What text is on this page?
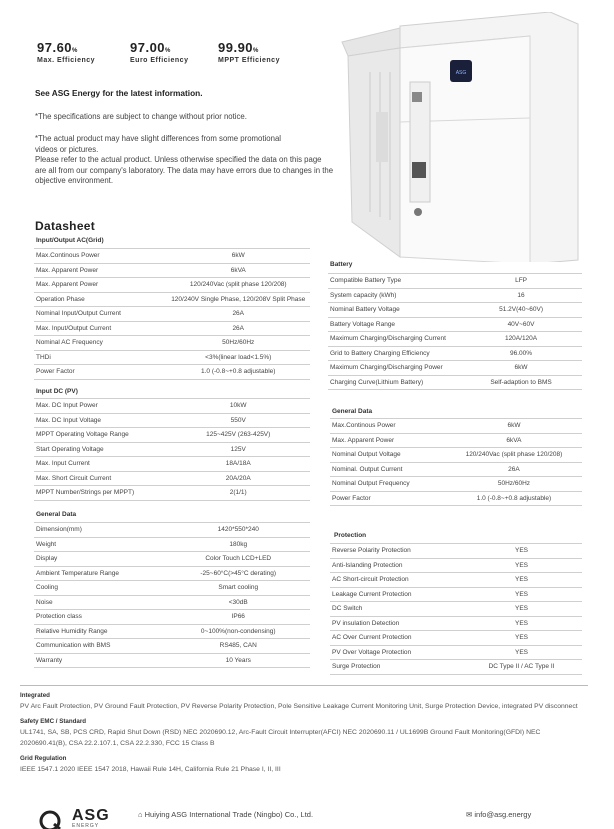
97.60%
Max. Efficiency
97.00%
Euro Efficiency
99.90%
MPPT Efficiency
See ASG Energy for the latest information.
*The specifications are subject to change without prior notice.
*The actual product may have slight differences from some promotional
videos or pictures.
Please refer to the actual product. Unless otherwise specified the data on this page
are all from our company's laboratory. The data may have errors due to changes in the
objective environment.
ASG
Datasheet
Input/Output AC(Grid)
Max.Continous Power	6kW
Max. Apparent Power	6kVA
Max. Apparent Power	120/240Vac (split phase 120/208)
Operation Phase	120/240V Single Phase, 120/208V Split Phase
Nominal Input/Output Current	26A
Max. Input/Output Current	26A
Nominal AC Frequency	50Hz/60Hz
THDi	<3%(linear load<1.5%)
Power Factor	1.0 (-0.8~+0.8 adjustable)
Input DC (PV)
Max. DC Input Power	10kW
Max. DC Input Voltage	550V
MPPT Operating Voltage Range	125~425V (263-425V)
Start Operating Voltage	125V
Max. Input Current	18A/18A
Max. Short Circuit Current	20A/20A
MPPT Number/Strings per MPPT)	2(1/1)
General Data
Dimension(mm)	1420*550*240
Weight	180kg
Display	Color Touch LCD+LED
Ambient Temperature Range	-25~60°C(>45°C derating)
Cooling	Smart cooling
Noise	<30dB
Protection class	IP66
Relative Humidity Range	0~100%(non-condensing)
Communication with BMS	RS485, CAN
Warranty	10 Years
Battery
Compatible Battery Type	LFP
System capacity (kWh)	16
Nominal Battery Voltage	51.2V(40~60V)
Battery Voltage Range	40V~60V
Maximum Charging/Discharging Current	120A/120A
Grid to Battery Charging Efficiency	96.00%
Maximum Charging/Discharging Power	6kW
Charging Curve(Lithium Battery)	Self-adaption to BMS
General Data
Max.Continous Power	6kW
Max. Apparent Power	6kVA
Nominal Output Voltage	120/240Vac (split phase 120/208)
Nominal. Output Current	26A
Nominal Output Frequency	50Hz/60Hz
Power Factor	1.0 (-0.8~+0.8 adjustable)
Protection
Reverse Polarity Protection	YES
Anti-Islanding Protection	YES
AC Short-circuit Protection	YES
Leakage Current Protection	YES
DC Switch	YES
PV insulation Detection	YES
AC Over Current Protection	YES
PV Over Voltage Protection	YES
Surge Protection	DC Type II / AC Type II
Integrated
PV Arc Fault Protection, PV Ground Fault Protection, PV Reverse Polarity Protection, Pole Sensitive Leakage Current Monitoring Unit, Surge Protection Device, integrated PV disconnect
Safety EMC / Standard
UL1741, SA, SB, PCS CRD, Rapid Shut Down (RSD) NEC 2020690.12, Arc-Fault Circuit Interrupter(AFCI) NEC 2020690.11 / UL1699B Ground Fault Monitoring(GFDI) NEC 2020690.41(B), CSA 22.2.107.1, CSA 22.2.330, FCC 15 Class B
Grid Regulation
IEEE 1547.1 2020 IEEE 1547 2018, Hawaii Rule 14H, California Rule 21 Phase I, II, III
ASG
ENERGY
⌂ Huiying ASG International Trade (Ningbo) Co., Ltd.	✉ info@asg.energy
